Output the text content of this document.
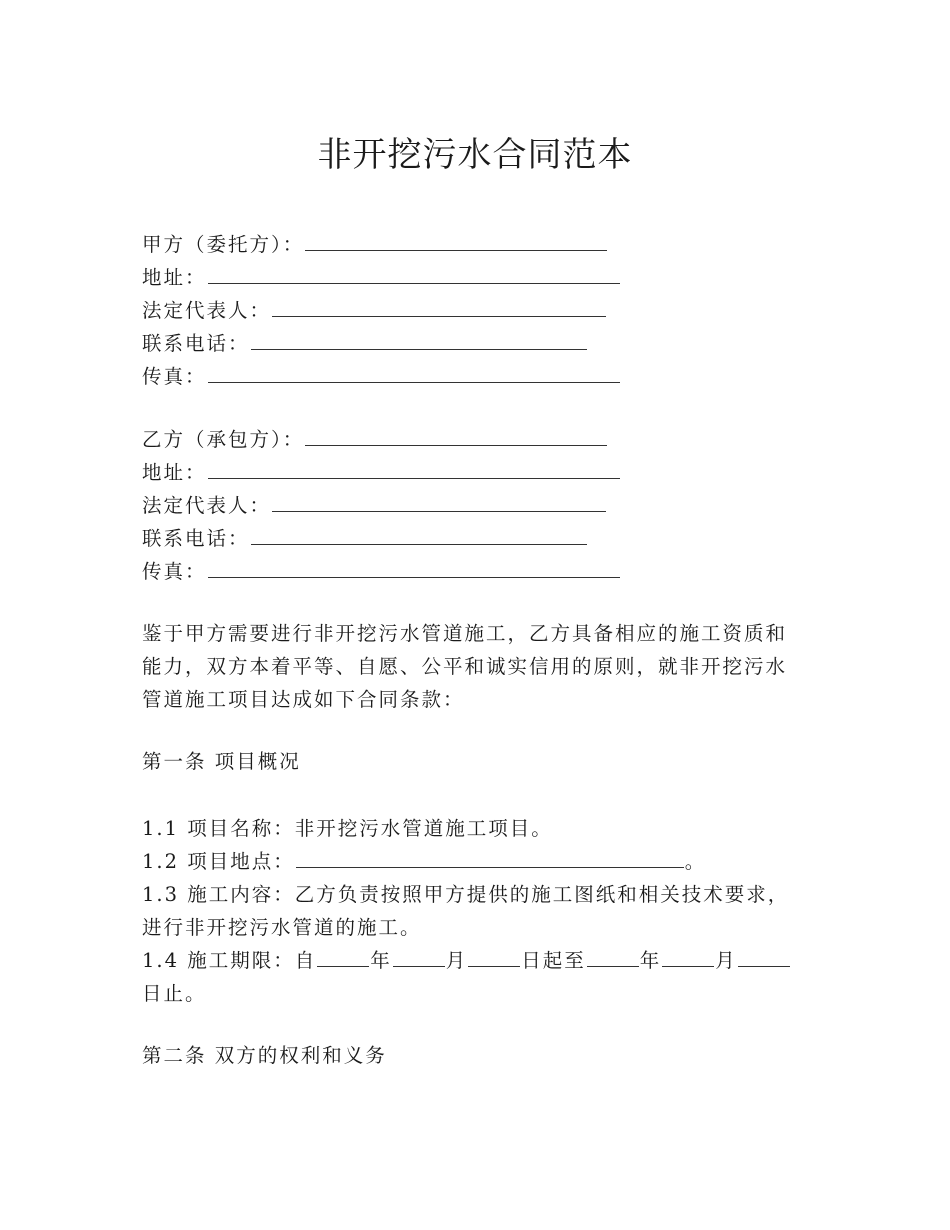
非开挖污水合同范本
甲方（委托方）：
地址：
法定代表人：
联系电话：
传真：
乙方（承包方）：
地址：
法定代表人：
联系电话：
传真：
鉴于甲方需要进行非开挖污水管道施工，乙方具备相应的施工资质和
能力，双方本着平等、自愿、公平和诚实信用的原则，就非开挖污水
管道施工项目达成如下合同条款：
第一条 项目概况
1.1 项目名称：非开挖污水管道施工项目。
1.2 项目地点：	。
1.3 施工内容：乙方负责按照甲方提供的施工图纸和相关技术要求，
进行非开挖污水管道的施工。
1.4 施工期限：自	年	月	日起至	年	月
日止。
第二条 双方的权利和义务
